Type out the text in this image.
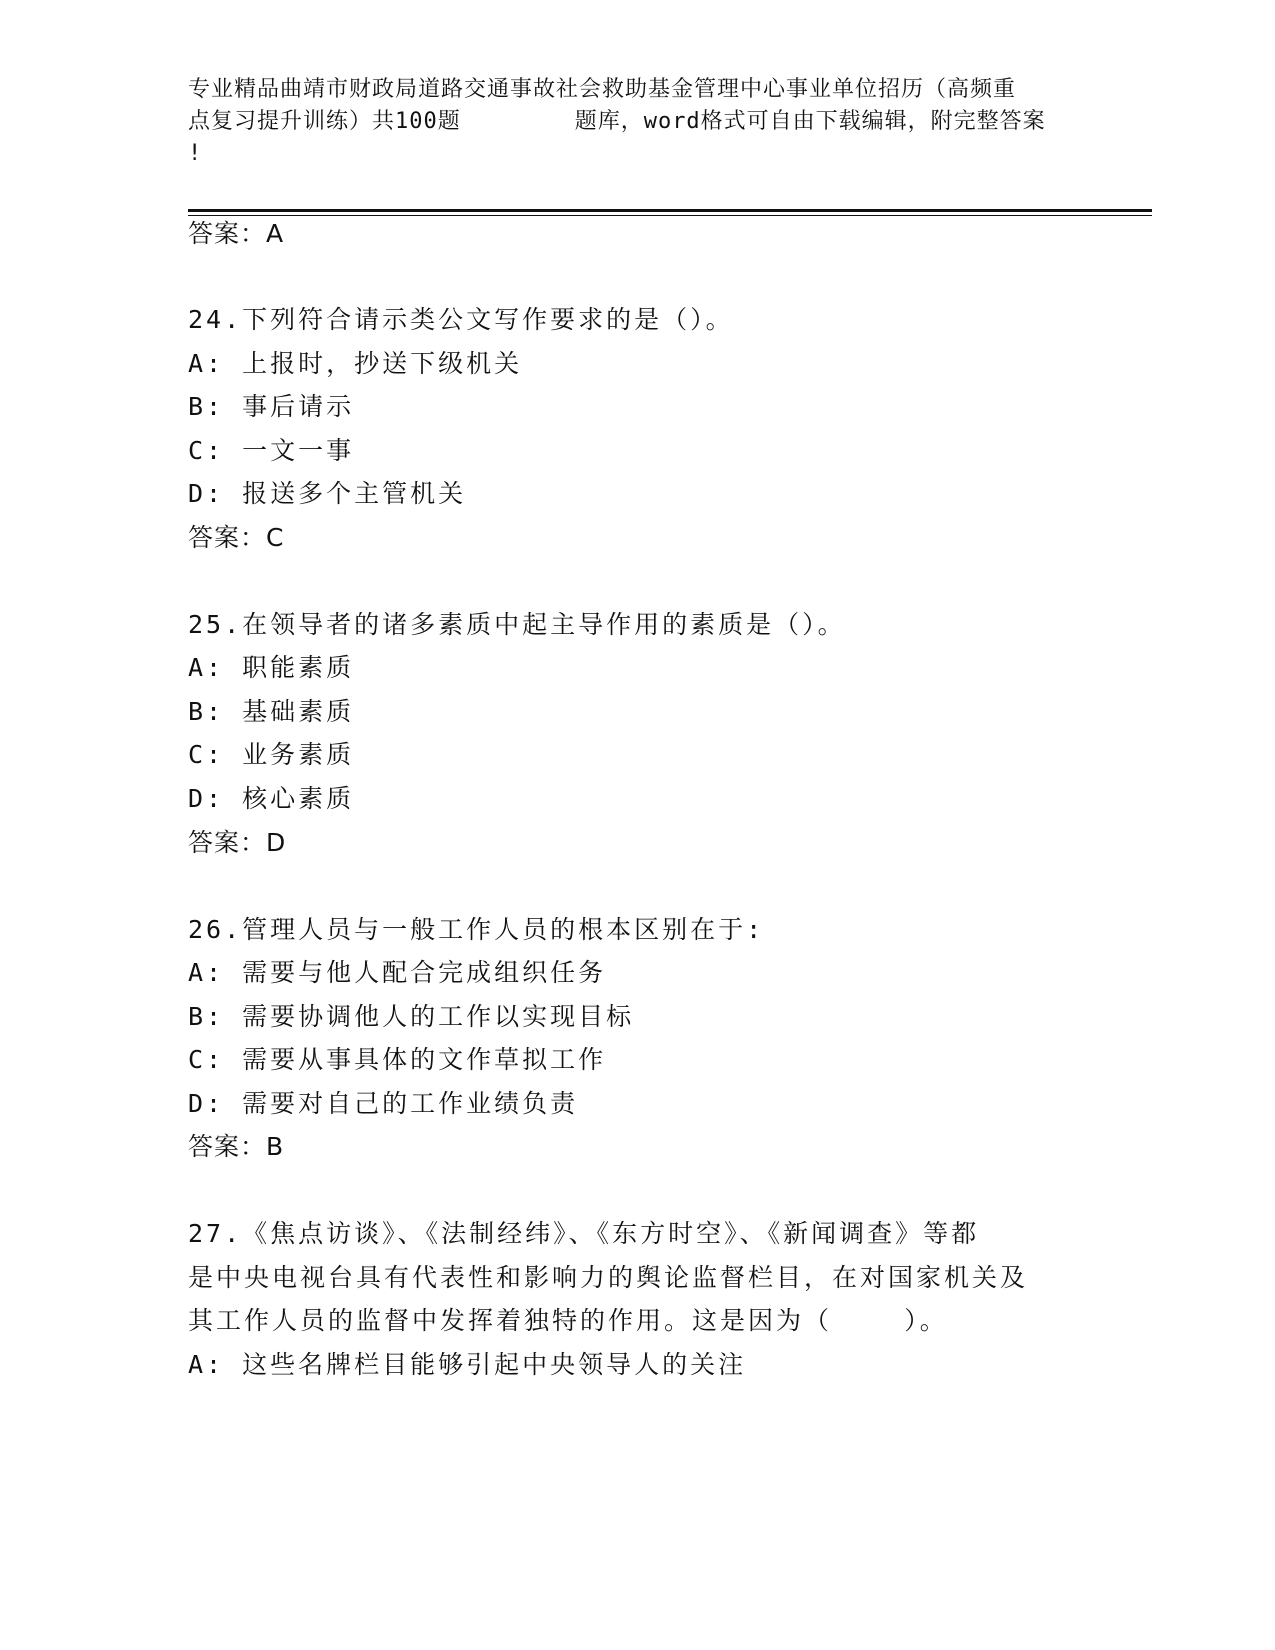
专业精品曲靖市财政局道路交通事故社会救助基金管理中心事业单位招历（高频重
点复习提升训练）共100题        题库，word格式可自由下载编辑，附完整答案
!
答案：A
24.下列符合请示类公文写作要求的是（）。
A: 上报时，抄送下级机关
B: 事后请示
C: 一文一事
D: 报送多个主管机关
答案：C
25.在领导者的诸多素质中起主导作用的素质是（）。
A: 职能素质
B: 基础素质
C: 业务素质
D: 核心素质
答案：D
26.管理人员与一般工作人员的根本区别在于:
A: 需要与他人配合完成组织任务
B: 需要协调他人的工作以实现目标
C: 需要从事具体的文作草拟工作
D: 需要对自己的工作业绩负责
答案：B
27.《焦点访谈》、《法制经纬》、《东方时空》、《新闻调查》等都
是中央电视台具有代表性和影响力的舆论监督栏目，在对国家机关及
其工作人员的监督中发挥着独特的作用。这是因为（    ）。
A: 这些名牌栏目能够引起中央领导人的关注
